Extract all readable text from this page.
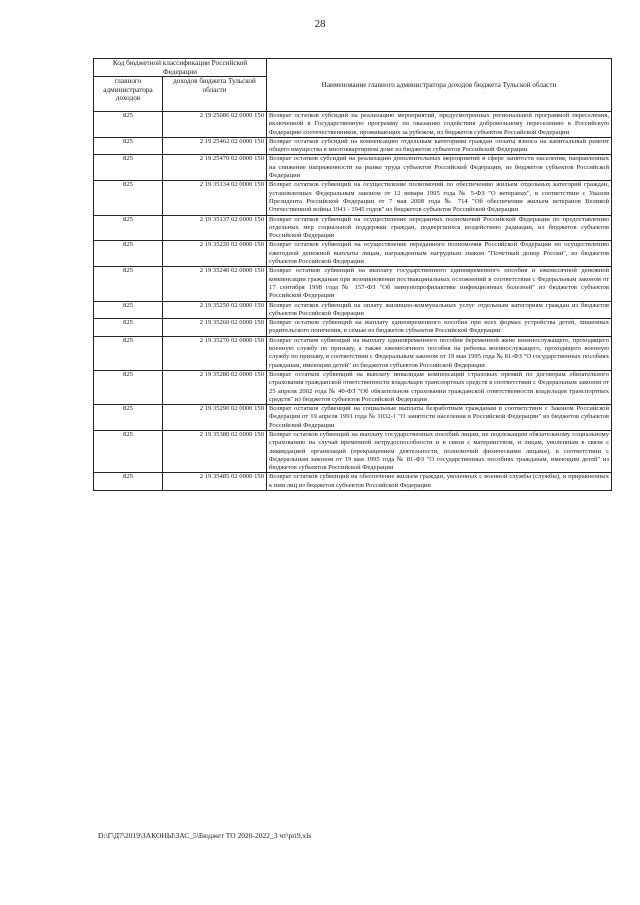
28
Код бюджетной классификации Российской Федерации		Наименование главного администратора доходов бюджета Тульской области
главного администратора доходов	доходов бюджета Тульской области	
825	2 19 25086 02 0000 150	Возврат остатков субсидий на реализацию мероприятий, предусмотренных региональной программой переселения, включенной в Государственную программу по оказанию содействия добровольному переселению в Российскую Федерацию соотечественников, проживающих за рубежом, из бюджетов субъектов Российской Федерации
825	2 19 25462 02 0000 150	Возврат остатков субсидий на компенсацию отдельным категориям граждан оплаты взноса на капитальный ремонт общего имущества в многоквартирном доме из бюджетов субъектов Российской Федерации
825	2 19 25470 02 0000 150	Возврат остатков субсидий на реализацию дополнительных мероприятий в сфере занятости населения, направленных на снижение напряженности на рынке труда субъектов Российской Федерации, из бюджетов субъектов Российской Федерации
825	2 19 35134 02 0000 150	Возврат остатков субвенций на осуществление полномочий по обеспечению жильем отдельных категорий граждан, установленных Федеральным законом от 12 января 1995 года № 5-ФЗ "О ветеранах", в соответствии с Указом Президента Российской Федерации от 7 мая 2008 года № 714 "Об обеспечении жильем ветеранов Великой Отечественной войны 1941 - 1945 годов" из бюджетов субъектов Российской Федерации
825	2 19 35137 02 0000 150	Возврат остатков субвенций на осуществление переданных полномочий Российской Федерации по предоставлению отдельных мер социальной поддержки граждан, подвергшихся воздействию радиации, из бюджетов субъектов Российской Федерации
825	2 19 35220 02 0000 150	Возврат остатков субвенций на осуществление переданного полномочия Российской Федерации по осуществлению ежегодной денежной выплаты лицам, награжденным нагрудным знаком "Почетный донор России", из бюджетов субъектов Российской Федерации
825	2 19 35240 02 0000 150	Возврат остатков субвенций на выплату государственного единовременного пособия и ежемесячной денежной компенсации гражданам при возникновении поствакцинальных осложнений в соответствии с Федеральным законом от 17 сентября 1998 года № 157-ФЗ "Об иммунопрофилактике инфекционных болезней" из бюджетов субъектов Российской Федерации
825	2 19 35250 02 0000 150	Возврат остатков субвенций на оплату жилищно-коммунальных услуг отдельным категориям граждан из бюджетов субъектов Российской Федерации
825	2 19 35260 02 0000 150	Возврат остатков субвенций на выплату единовременного пособия при всех формах устройства детей, лишенных родительского попечения, в семью из бюджетов субъектов Российской Федерации
825	2 19 35270 02 0000 150	Возврат остатков субвенций на выплату единовременного пособия беременной жене военнослужащего, проходящего военную службу по призыву, а также ежемесячного пособия на ребенка военнослужащего, проходящего военную службу по призыву, в соответствии с Федеральным законом от 19 мая 1995 года № 81-ФЗ "О государственных пособиях гражданам, имеющим детей" из бюджетов субъектов Российской Федерации
825	2 19 35280 02 0000 150	Возврат остатков субвенций на выплату инвалидам компенсаций страховых премий по договорам обязательного страхования гражданской ответственности владельцев транспортных средств в соответствии с Федеральным законом от 25 апреля 2002 года № 40-ФЗ "Об обязательном страховании гражданской ответственности владельцев транспортных средств" из бюджетов субъектов Российской Федерации
825	2 19 35290 02 0000 150	Возврат остатков субвенций на социальные выплаты безработным гражданам в соответствии с Законом Российской Федерации от 19 апреля 1991 года № 1032-1 "О занятости населения в Российской Федерации" из бюджетов субъектов Российской Федерации
825	2 19 35380 02 0000 150	Возврат остатков субвенций на выплату государственных пособий лицам, не подлежащим обязательному социальному страхованию на случай временной нетрудоспособности и в связи с материнством, и лицам, уволенным в связи с ликвидацией организаций (прекращением деятельности, полномочий физическими лицами), в соответствии с Федеральным законом от 19 мая 1995 года № 81-ФЗ "О государственных пособиях гражданам, имеющим детей" из бюджетов субъектов Российской Федерации
825	2 19 35485 02 0000 150	Возврат остатков субвенций на обеспечение жильем граждан, уволенных с военной службы (службы), и приравненных к ним лиц из бюджетов субъектов Российской Федерации
D:\Г\Д7\2019\ЗАКОНЫ\ЗАС_5\Бюджет ТО 2020-2022_3 чт\pri9.xls
